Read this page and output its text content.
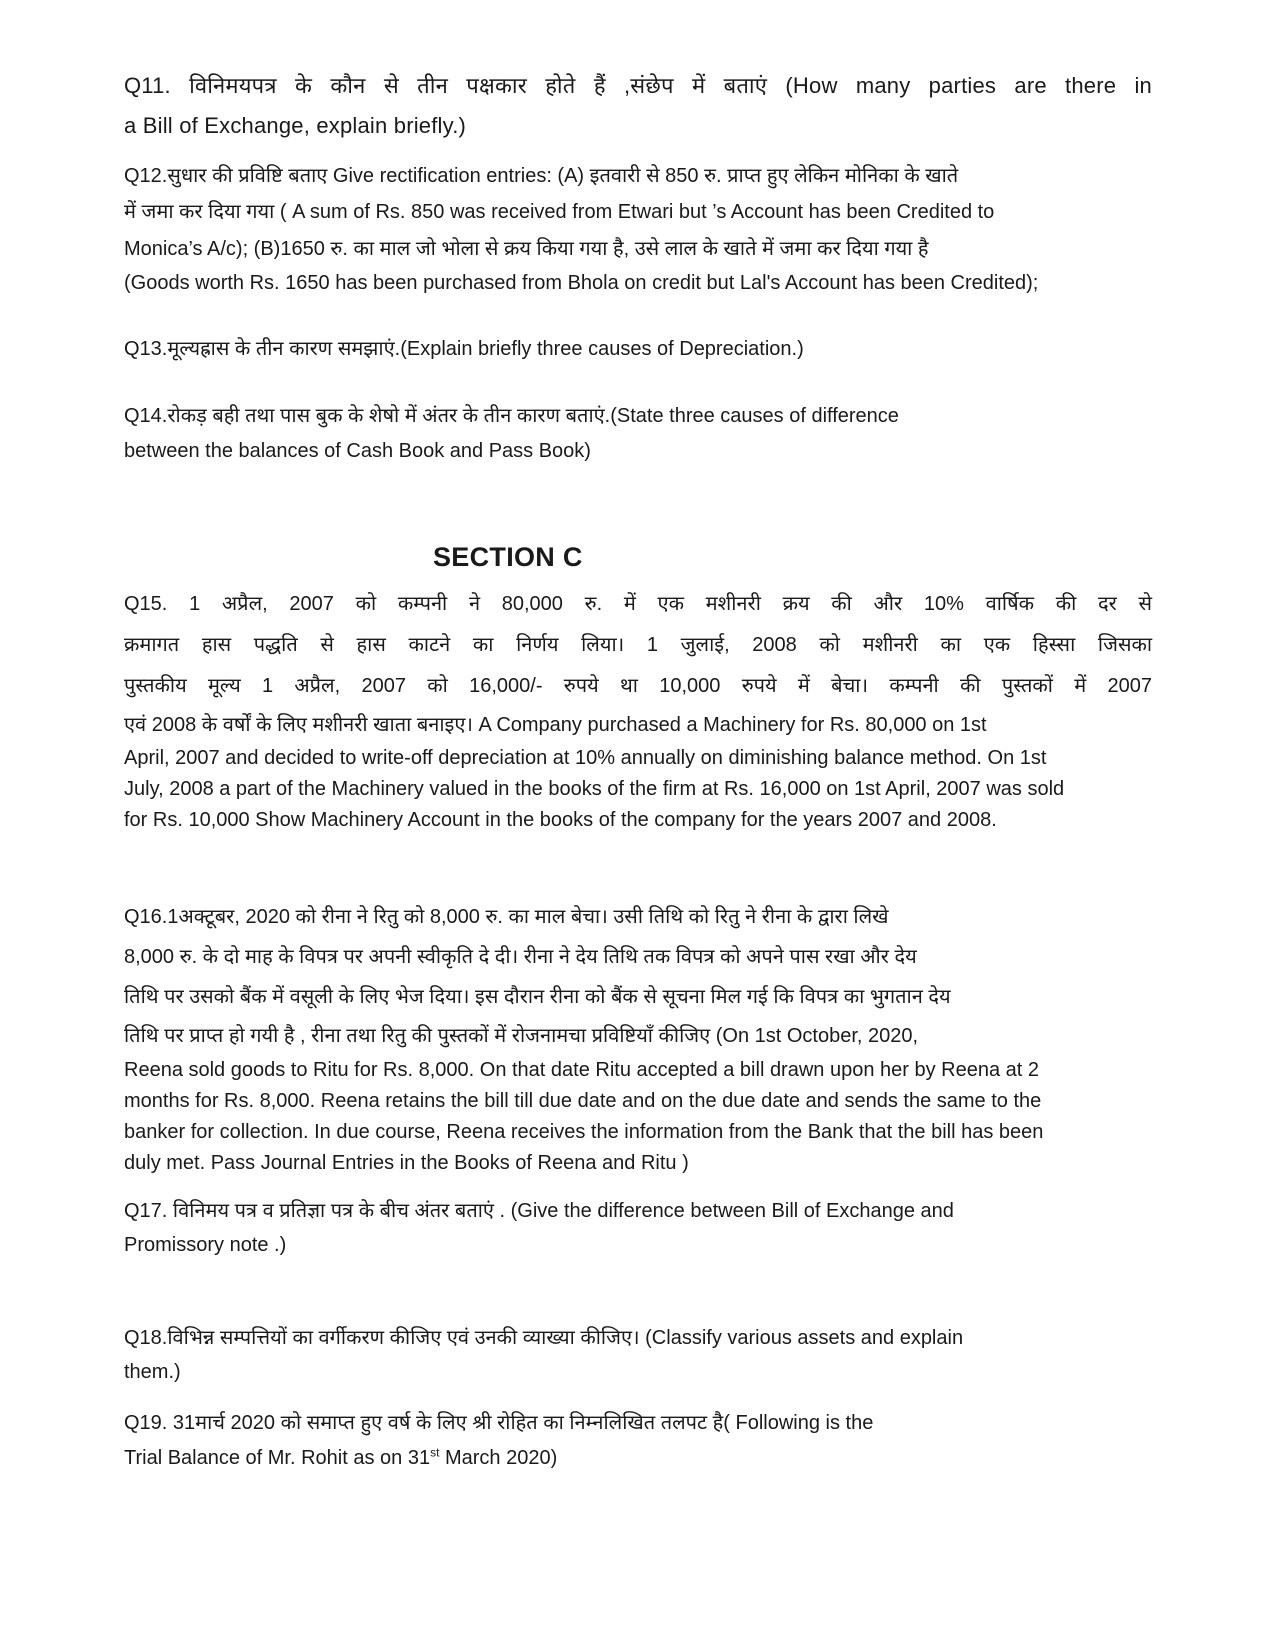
Q11. विनिमयपत्र के कौन से तीन पक्षकार होते हैं ,संछेप में बताएं (How many parties are there in
a Bill of Exchange, explain briefly.)
Q12.सुधार की प्रविष्टि बताए Give rectification entries: (A) इतवारी से 850 रु. प्राप्त हुए लेकिन मोनिका के खाते
में जमा कर दिया गया ( A sum of Rs. 850 was received from Etwari but ’s Account has been Credited to
Monica’s A/c); (B)1650 रु. का माल जो भोला से क्रय किया गया है, उसे लाल के खाते में जमा कर दिया गया है
(Goods worth Rs. 1650 has been purchased from Bhola on credit but Lal's Account has been Credited);
Q13.मूल्यह्रास के तीन कारण समझाएं.(Explain briefly three causes of Depreciation.)
Q14.रोकड़ बही तथा पास बुक के शेषो में अंतर के तीन कारण बताएं.(State three causes of difference
between the balances of Cash Book and Pass Book)
SECTION C
Q15. 1 अप्रैल, 2007 को कम्पनी ने 80,000 रु. में एक मशीनरी क्रय की और 10% वार्षिक की दर से
क्रमागत हास पद्धति से हास काटने का निर्णय लिया। 1 जुलाई, 2008 को मशीनरी का एक हिस्सा जिसका
पुस्तकीय मूल्य 1 अप्रैल, 2007 को 16,000/- रुपये था 10,000 रुपये में बेचा। कम्पनी की पुस्तकों में 2007
एवं 2008 के वर्षों के लिए मशीनरी खाता बनाइए। A Company purchased a Machinery for Rs. 80,000 on 1st
April, 2007 and decided to write-off depreciation at 10% annually on diminishing balance method. On 1st
July, 2008 a part of the Machinery valued in the books of the firm at Rs. 16,000 on 1st April, 2007 was sold
for Rs. 10,000 Show Machinery Account in the books of the company for the years 2007 and 2008.
Q16.1अक्टूबर, 2020 को रीना ने रितु को 8,000 रु. का माल बेचा। उसी तिथि को रितु ने रीना के द्वारा लिखे
8,000 रु. के दो माह के विपत्र पर अपनी स्वीकृति दे दी। रीना ने देय तिथि तक विपत्र को अपने पास रखा और देय
तिथि पर उसको बैंक में वसूली के लिए भेज दिया। इस दौरान रीना को बैंक से सूचना मिल गई कि विपत्र का भुगतान देय
तिथि पर प्राप्त हो गयी है , रीना तथा रितु की पुस्तकों में रोजनामचा प्रविष्टियाँ कीजिए (On 1st October, 2020,
Reena sold goods to Ritu for Rs. 8,000. On that date Ritu accepted a bill drawn upon her by Reena at 2
months for Rs. 8,000. Reena retains the bill till due date and on the due date and sends the same to the
banker for collection. In due course, Reena receives the information from the Bank that the bill has been
duly met. Pass Journal Entries in the Books of Reena and Ritu )
Q17. विनिमय पत्र व प्रतिज्ञा पत्र के बीच अंतर बताएं . (Give the difference between Bill of Exchange and
Promissory note .)
Q18.विभिन्न सम्पत्तियों का वर्गीकरण कीजिए एवं उनकी व्याख्या कीजिए। (Classify various assets and explain
them.)
Q19. 31मार्च 2020 को समाप्त हुए वर्ष के लिए श्री रोहित का निम्नलिखित तलपट है( Following is the
Trial Balance of Mr. Rohit as on 31st March 2020)
